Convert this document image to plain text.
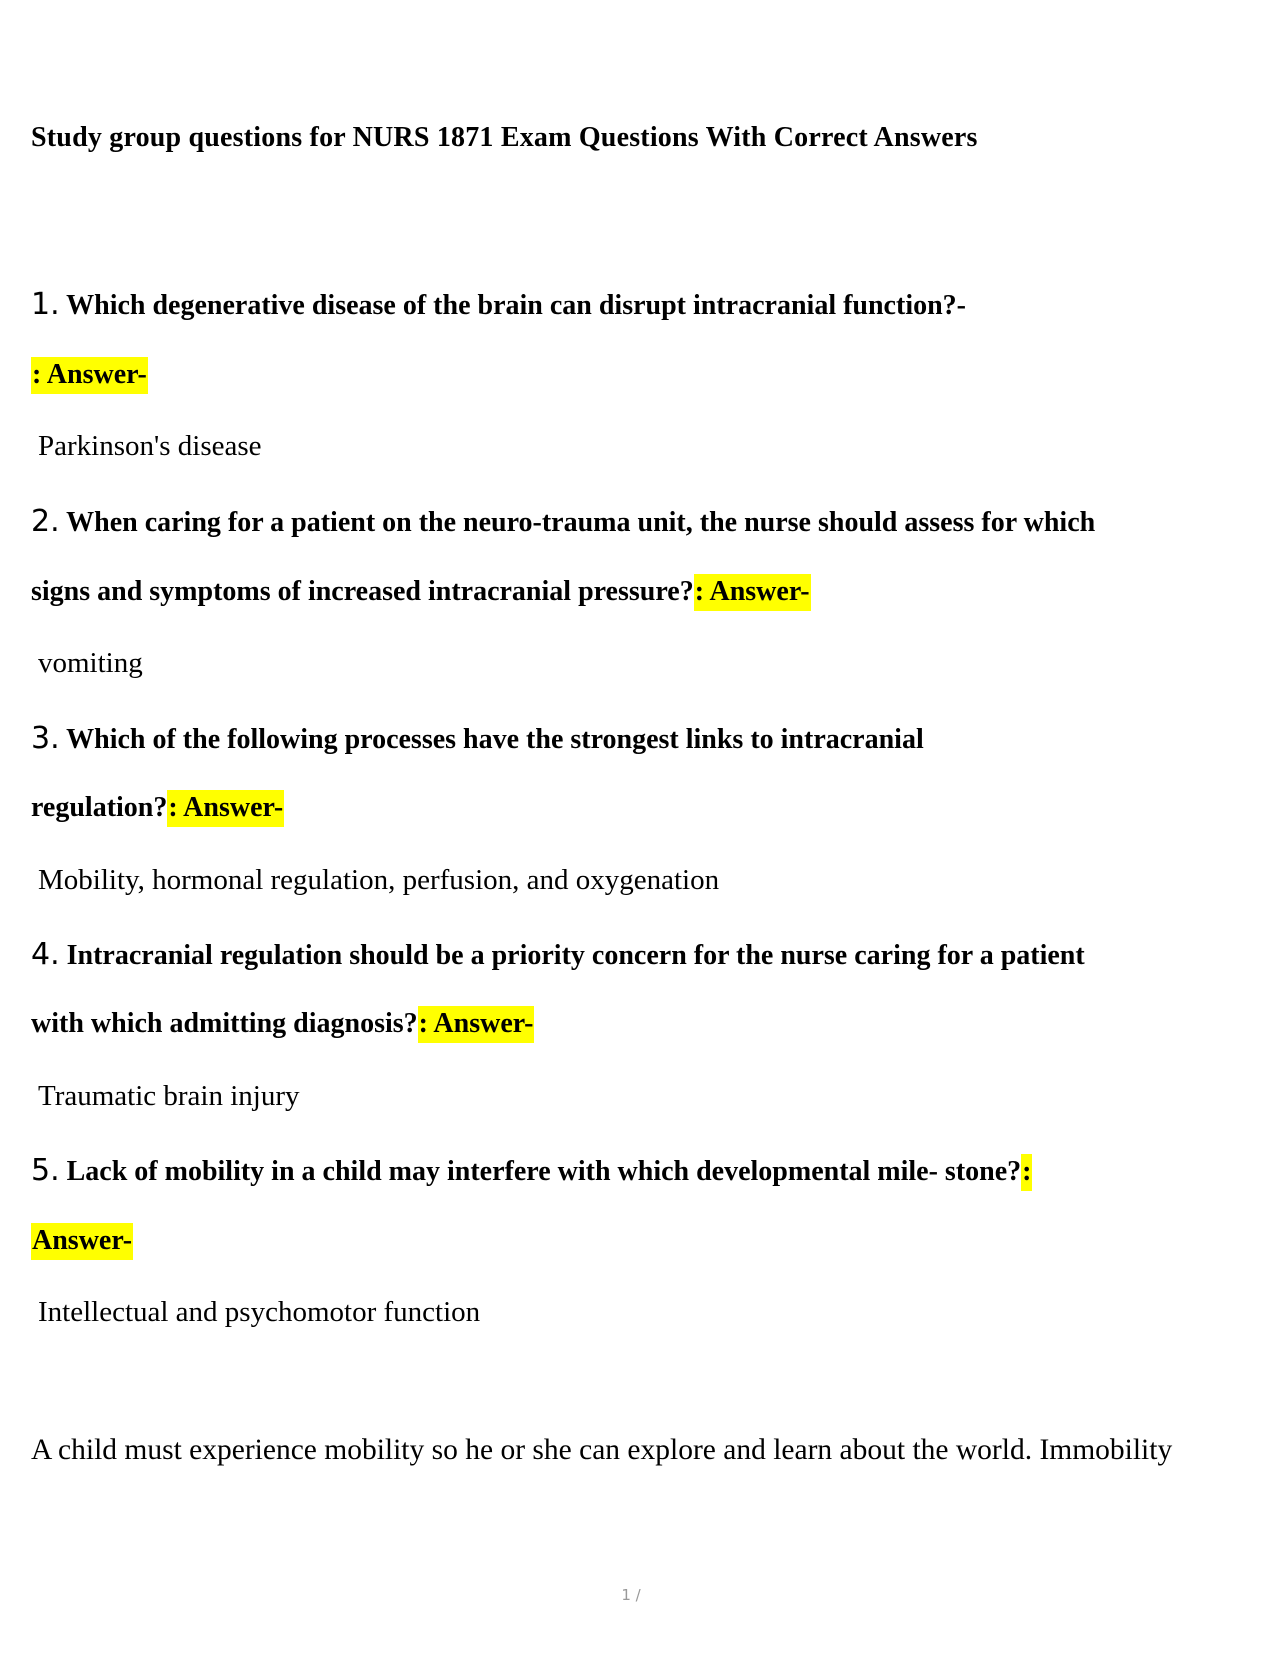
Study group questions for NURS 1871 Exam Questions With Correct Answers
1. Which degenerative disease of the brain can disrupt intracranial function?-
: Answer-
Parkinson's disease
2. When caring for a patient on the neuro-trauma unit, the nurse should assess for which
signs and symptoms of increased intracranial pressure?: Answer-
vomiting
3. Which of the following processes have the strongest links to intracranial
regulation?: Answer-
Mobility, hormonal regulation, perfusion, and oxygenation
4. Intracranial regulation should be a priority concern for the nurse caring for a patient
with which admitting diagnosis?: Answer-
Traumatic brain injury
5. Lack of mobility in a child may interfere with which developmental mile- stone?:
Answer-
Intellectual and psychomotor function
A child must experience mobility so he or she can explore and learn about the world. Immobility
1 /
